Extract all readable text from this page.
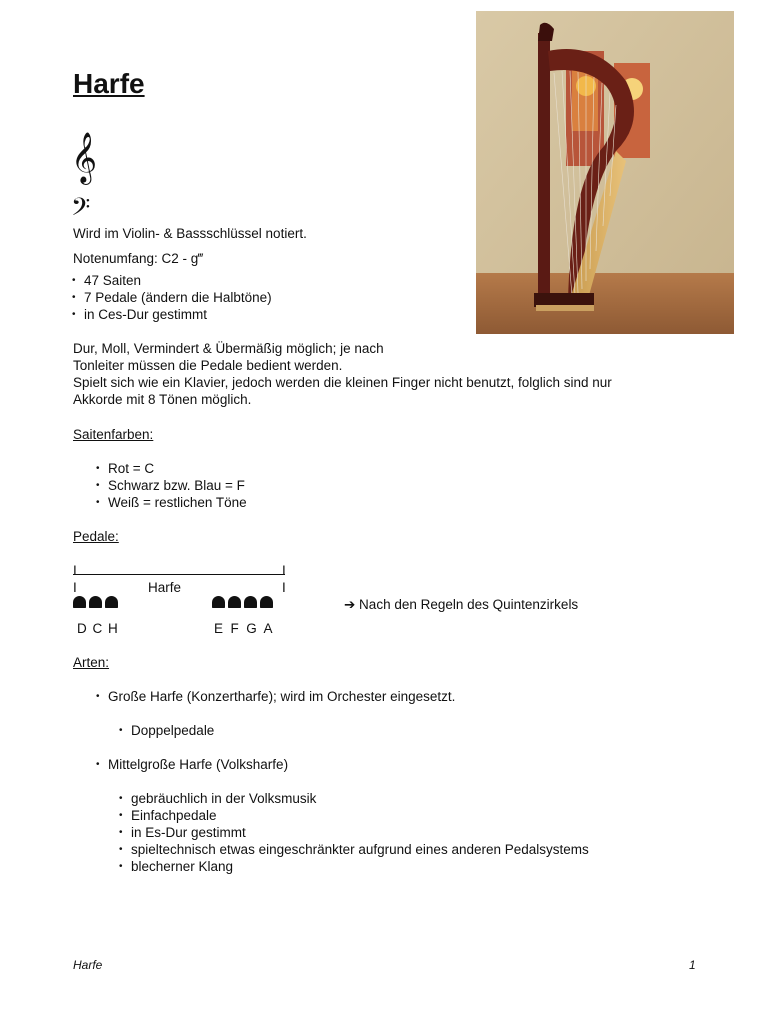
Harfe
𝄞
𝄢
Wird im Violin- & Bassschlüssel notiert.
Notenumfang: C2 - g‴
• 47 Saiten
• 7 Pedale (ändern die Halbtöne)
• in Ces-Dur gestimmt
Dur, Moll, Vermindert & Übermäßig möglich; je nach
Tonleiter müssen die Pedale bedient werden.
Spielt sich wie ein Klavier, jedoch werden die kleinen Finger nicht benutzt, folglich sind nur
Akkorde mit 8 Tönen möglich.
Saitenfarben:
• Rot = C
• Schwarz bzw. Blau = F
• Weiß = restlichen Töne
Pedale:
I	I
I	Harfe	I
➔ Nach den Regeln des Quintenzirkels
D C H	E  F  G  A
Arten:
• Große Harfe (Konzertharfe); wird im Orchester eingesetzt.
• Doppelpedale
• Mittelgroße Harfe (Volksharfe)
• gebräuchlich in der Volksmusik
• Einfachpedale
• in Es-Dur gestimmt
• spieltechnisch etwas eingeschränkter aufgrund eines anderen Pedalsystems
• blecherner Klang
Harfe	1
